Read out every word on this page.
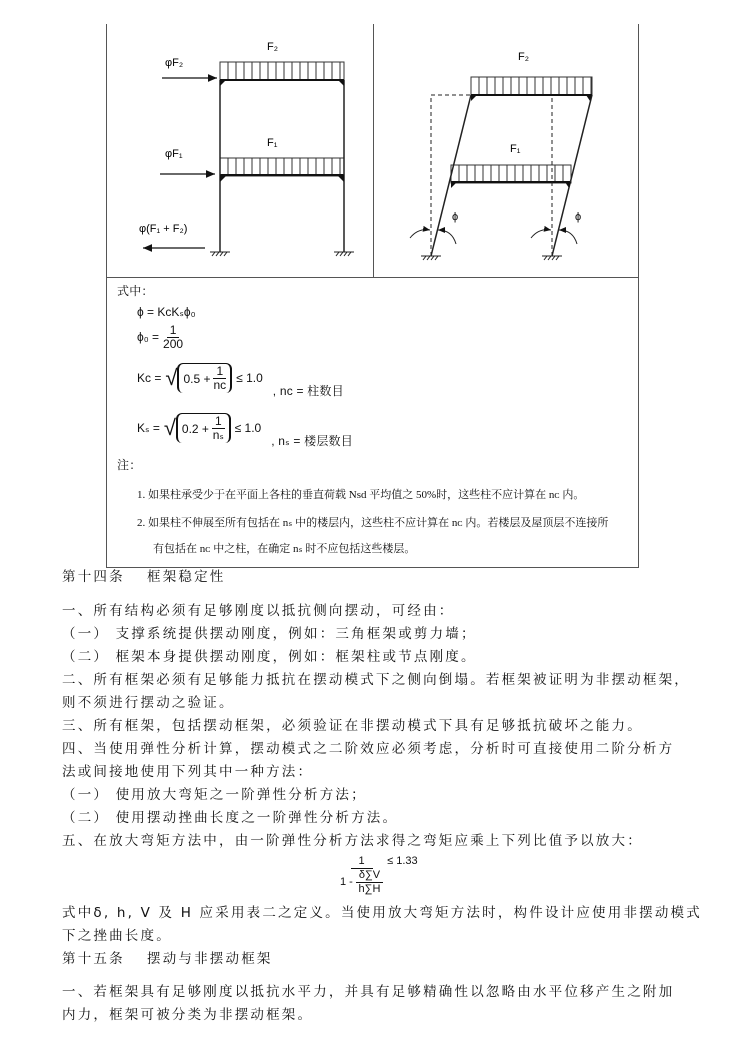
F₂
F₁
φF₂
φF₁
φ(F₁ + F₂)
F₂
F₁
ϕ	ϕ
式中：
ϕ = KᴄKₛϕ₀
$\phi_0 = \frac{1}{200}$
Kᴄ = √ $0.5 + \frac{1}{\text{nᴄ}} \le 1.0$
, nᴄ = 柱数目
Kₛ = √ $0.2 + \frac{1}{\text{nₛ}} \le 1.0$
, nₛ = 楼层数目
注：
1. 如果柱承受少于在平面上各柱的垂直荷载 Nsd 平均值之 50%时，这些柱不应计算在 nᴄ 内。
2. 如果柱不伸展至所有包括在 nₛ 中的楼层内，这些柱不应计算在 nᴄ 内。若楼层及屋顶层不连接所
有包括在 nᴄ 中之柱，在确定 nₛ 时不应包括这些楼层。
第十四条　 框架稳定性
一、所有结构必须有足够刚度以抵抗侧向摆动，可经由：
（一） 支撑系统提供摆动刚度，例如：三角框架或剪力墙；
（二） 框架本身提供摆动刚度，例如：框架柱或节点刚度。
二、所有框架必须有足够能力抵抗在摆动模式下之侧向倒塌。若框架被证明为非摆动框架，
则不须进行摆动之验证。
三、所有框架，包括摆动框架，必须验证在非摆动模式下具有足够抵抗破坏之能力。
四、当使用弹性分析计算，摆动模式之二阶效应必须考虑，分析时可直接使用二阶分析方
法或间接地使用下列其中一种方法：
（一） 使用放大弯矩之一阶弹性分析方法；
（二） 使用摆动挫曲长度之一阶弹性分析方法。
五、在放大弯矩方法中，由一阶弹性分析方法求得之弯矩应乘上下列比值予以放大：
$\frac{1}{1 - \frac{\delta\sum V}{h\sum H}} \le 1.33$
式中δ, h, V 及 H 应采用表二之定义。当使用放大弯矩方法时，构件设计应使用非摆动模式
下之挫曲长度。
第十五条　 摆动与非摆动框架
一、若框架具有足够刚度以抵抗水平力，并具有足够精确性以忽略由水平位移产生之附加
内力，框架可被分类为非摆动框架。
